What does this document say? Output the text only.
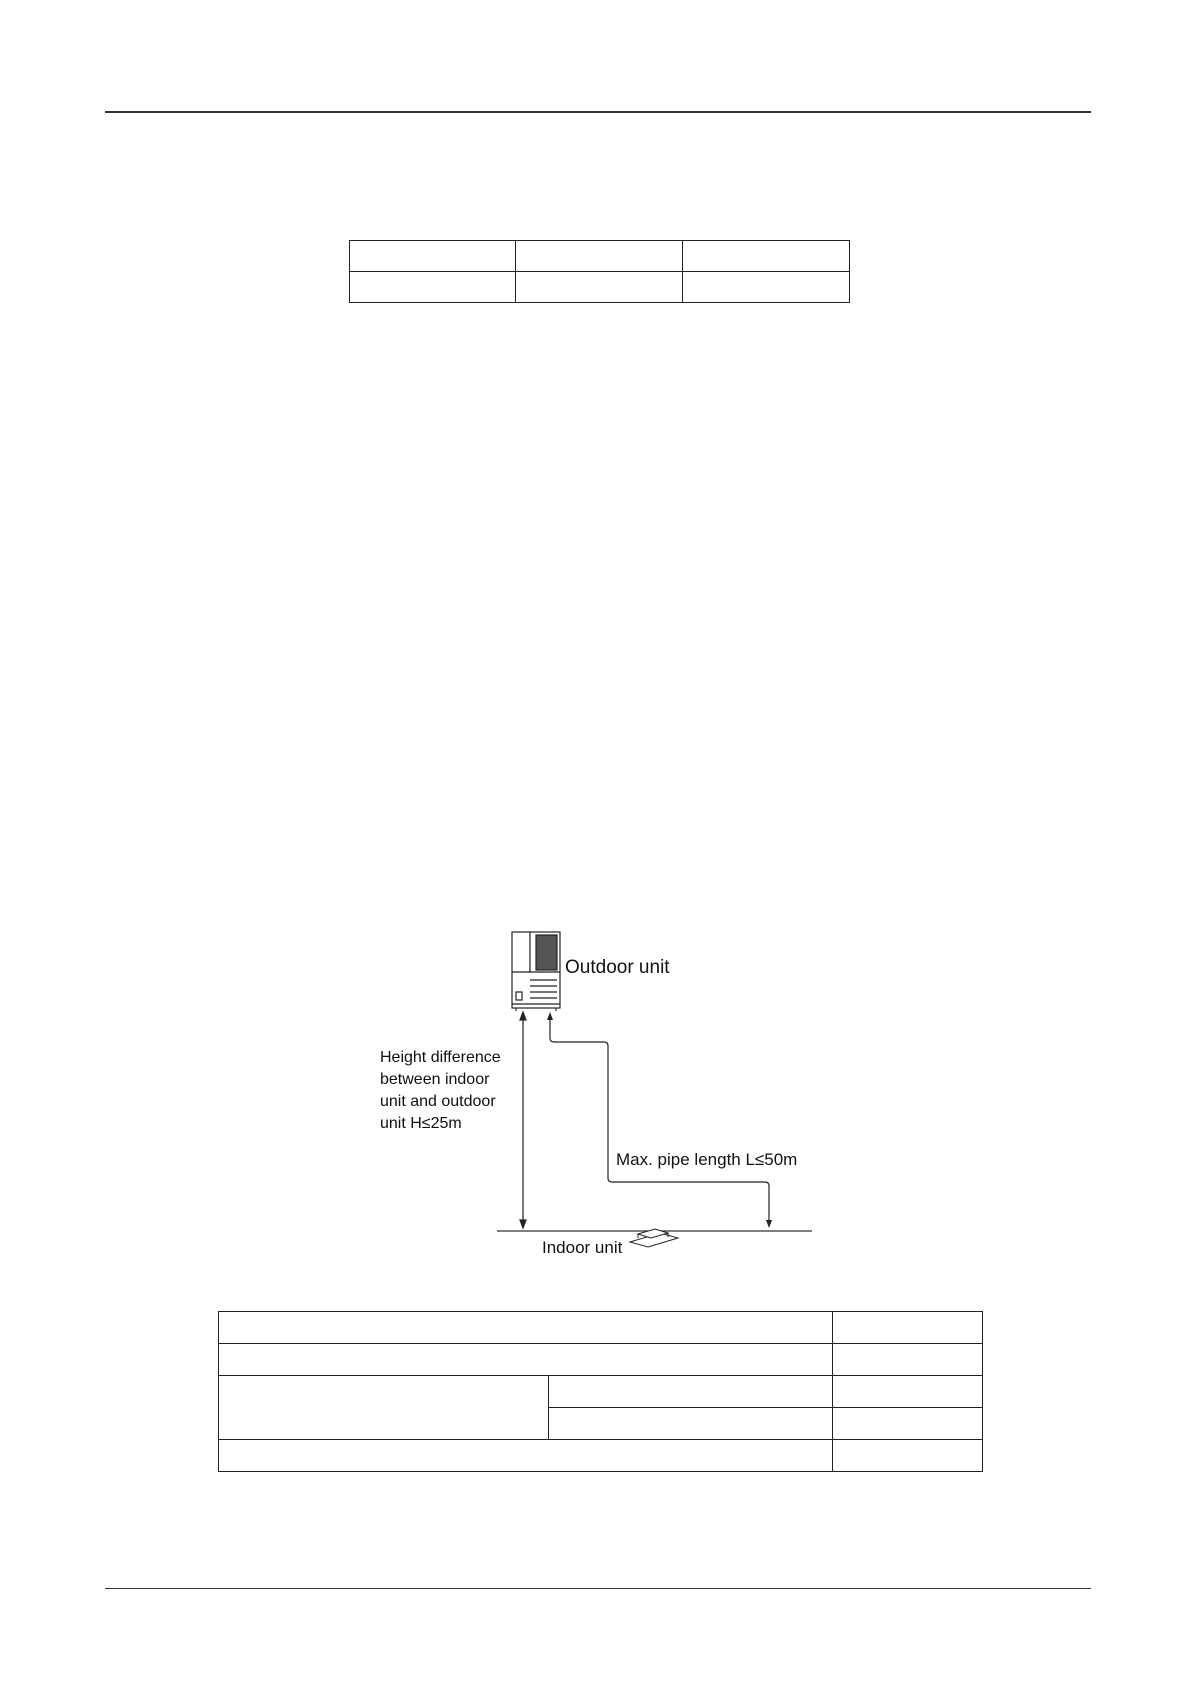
Outdoor unit
Height difference between indoor unit and outdoor unit H≤25m
Max. pipe length L≤50m
Indoor unit
